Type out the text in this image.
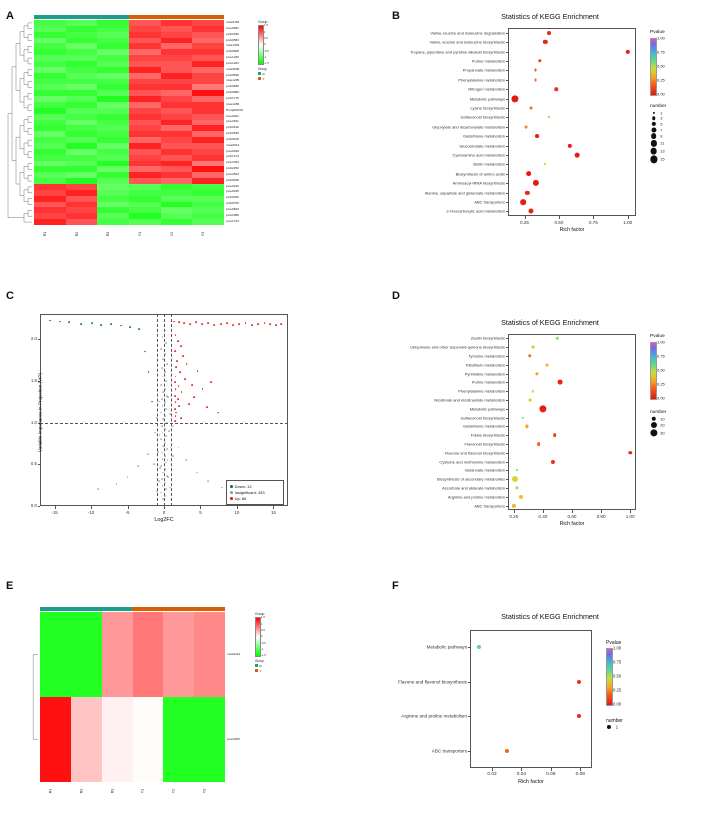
A	B
C	D
E	F
mws0183
pme0681
pmb2036
pmb0583
mws1346
pmb0608
pme1239
pme1284
mws0838
pmb0596
mws1295
pmb0666
pmb0989
pmb1779
mws1286
Hmqa66078
pme0021
pme2811
pmb0616
pmb0539
pmb0018
mws0914
pme0349
pmb1473
pme1063
pmb2252
pme2504
pmb0258
pme0019
pme0045
pmb0925
pmb0750
pme0843
pme1086
pme1373
R1	R2	R3	Y1	Y2	Y3
Group
1.5
1
0.5
0
-0.5
-1
-1.5
Group
R
Y
Statistics of KEGG Enrichment
Valine, leucine and isoleucine degradation
Valine, leucine and isoleucine biosynthesis
Tropane, piperidine and pyridine alkaloid biosynthesis
Purine metabolism
Propanoate metabolism
Phenylalanine metabolism
Nitrogen metabolism
Metabolic pathways
Lysine biosynthesis
Isoflavonoid biosynthesis
Glyoxylate and dicarboxylate metabolism
Glutathione metabolism
Glucosinolate metabolism
Cyanoamino acid metabolism
Biotin metabolism
Biosynthesis of amino acids
Aminoacyl-tRNA biosynthesis
Alanine, aspartate and glutamate metabolism
ABC transporters
2-Oxocarboxylic acid metabolism
0.25	0.50	0.75	1.00
Rich factor
Pvalue
1.00
0.75
0.50
0.25
0.00
number
1
3
5
7
9
11
13
15
-15	-10	-5	0	5	10	15
0.0
0.5
1.0
1.5
2.0
Log2FC
Variable Importance in Projection (VIP)
Down: 13
Insignificant: 433
Up: 86
Statistics of KEGG Enrichment
Zeatin biosynthesis
Ubiquinone and other terpenoid-quinone biosynthesis
Tyrosine metabolism
Riboflavin metabolism
Pyrimidine metabolism
Purine metabolism
Phenylalanine metabolism
Nicotinate and nicotinamide metabolism
Metabolic pathways
Isoflavonoid biosynthesis
Glutathione metabolism
Folate biosynthesis
Flavonoid biosynthesis
Flavone and flavonol biosynthesis
Cysteine and methionine metabolism
Butanoate metabolism
Biosynthesis of secondary metabolites
Ascorbate and aldarate metabolism
Arginine and proline metabolism
ABC transporters
0.20	0.40	0.60	0.80	1.00
Rich factor
Pvalue
1.00
0.75
0.50
0.25
0.00
number
10
20
30
mws0314
pme0305
R1	R2	R3	Y1	Y2	Y3
Group
1.5
1
0.5
0
-0.5
-1
-1.5
Group
R
Y
Statistics of KEGG Enrichment
Metabolic pathways
Flavone and flavonol biosynthesis
Arginine and proline metabolism
ABC transporters
0.02	0.04	0.06	0.08
Rich factor
Pvalue
1.00
0.75
0.50
0.25
0.00
number
1
